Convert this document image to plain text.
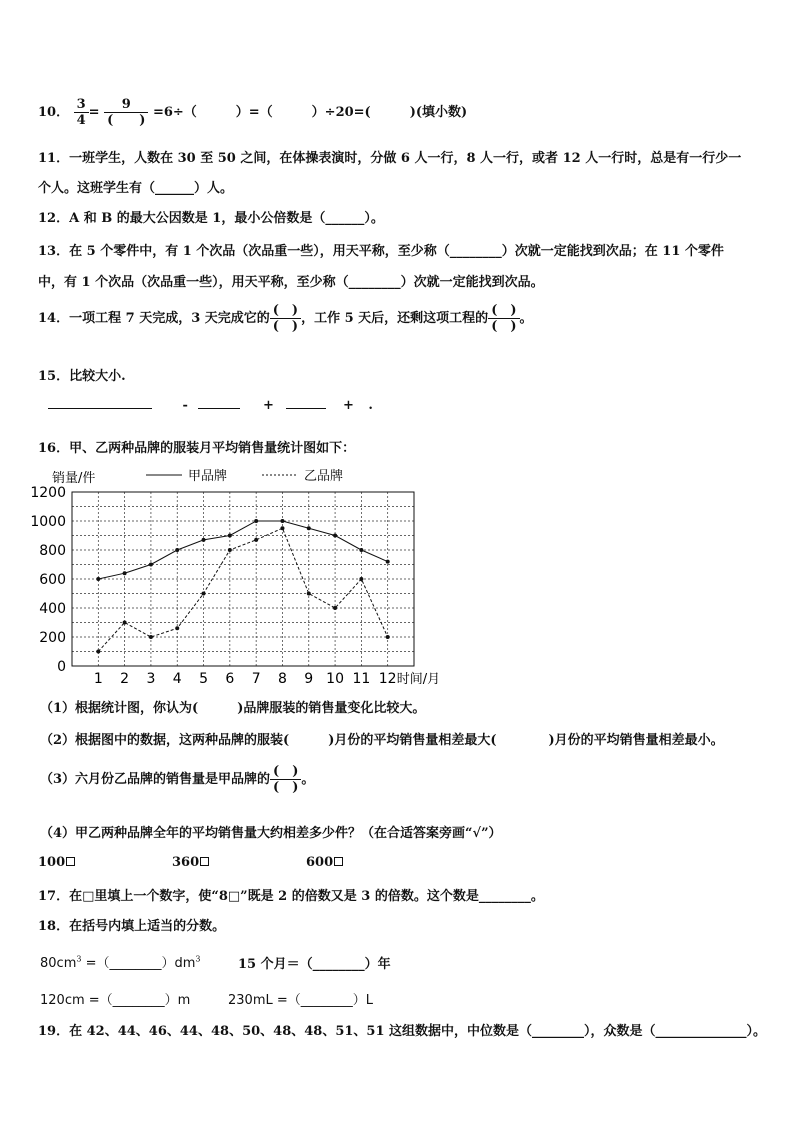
10． $\frac{3}{4} = \frac{9}{( )} =6\div$（　　　）=（　　　）÷20=(　　　)(填小数)
11．一班学生，人数在 30 至 50 之间，在体操表演时，分做 6 人一行，8 人一行，或者 12 人一行时，总是有一行少一
个人。这班学生有（______）人。
12．A 和 B 的最大公因数是 1，最小公倍数是（______）。
13．在 5 个零件中，有 1 个次品（次品重一些），用天平称，至少称（________）次就一定能找到次品；在 11 个零件
中，有 1 个次品（次品重一些），用天平称，至少称（________）次就一定能找到次品。
14．一项工程 7 天完成，3 天完成它的 $\frac{( )}{( )}$ ，工作 5 天后，还剩这项工程的 $\frac{( )}{( )}$ 。
15．比较大小.
-	+	+ .
16．甲、乙两种品牌的服装月平均销售量统计图如下：
0
200
400
600
800
1000
1200
1 2 3 4 5 6 7 8 9 10 11 12
销量/件
时间/月
甲品牌	乙品牌
（1）根据统计图，你认为(　　　)品牌服装的销售量变化比较大。
（2）根据图中的数据，这两种品牌的服装(　　　)月份的平均销售量相差最大(　　　　)月份的平均销售量相差最小。
（3）六月份乙品牌的销售量是甲品牌的 $\frac{( )}{( )}$ 。
（4）甲乙两种品牌全年的平均销售量大约相差多少件？（在合适答案旁画“√”）
100	360	600
17．在□里填上一个数字，使“8□”既是 2 的倍数又是 3 的倍数。这个数是________。
18．在括号内填上适当的分数。
$80cm^3$ $=(\_\_\_\_\_\_\_\_)dm^3$	15 个月＝（________）年
120cm =（________）m	230mL =（________）L
19．在 42、44、46、44、48、50、48、48、51、51 这组数据中，中位数是（________），众数是（______________）。
